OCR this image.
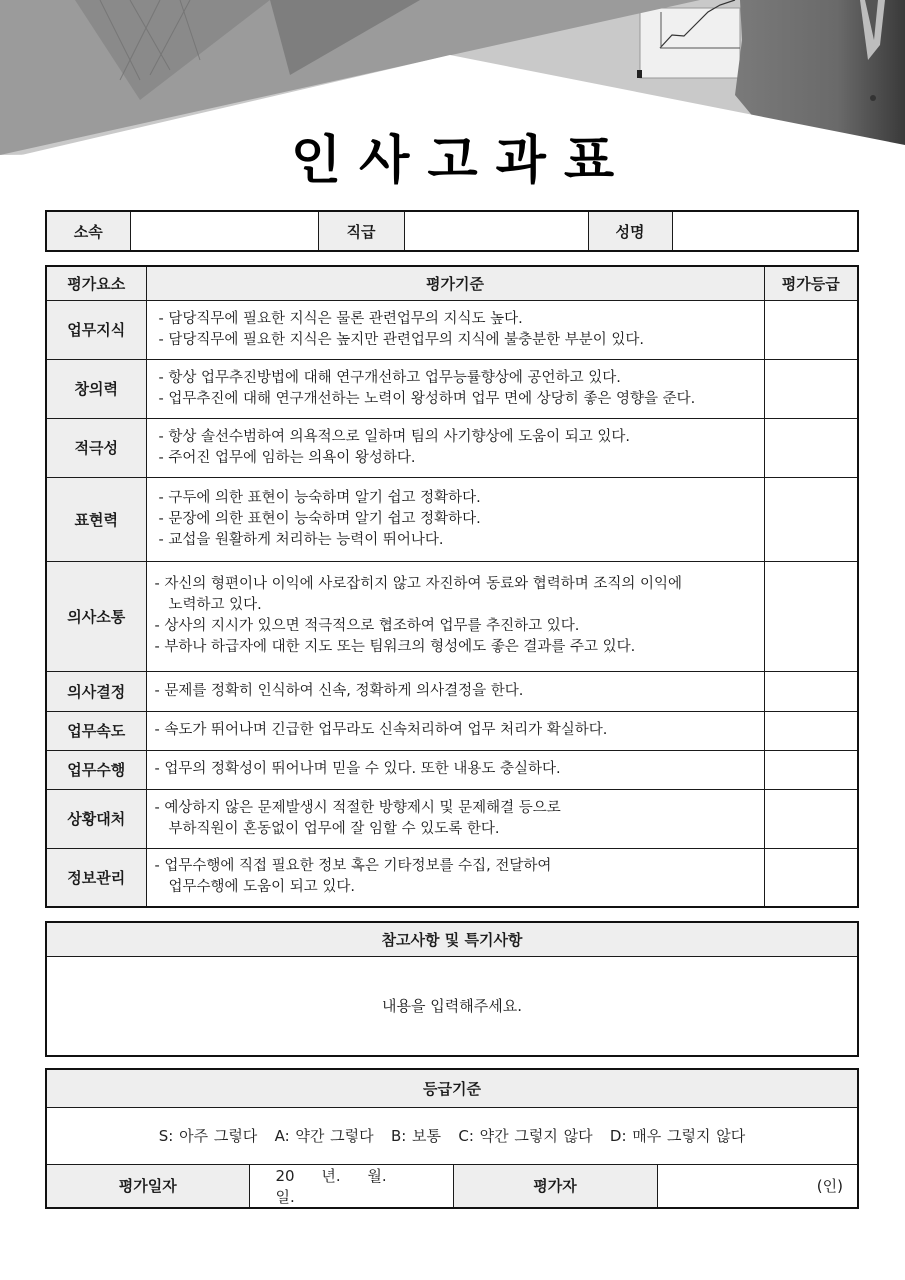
인사고과표
소속		직급		성명	
평가요소	평가기준	평가등급
업무지식	- 담당직무에 필요한 지식은 물론 관련업무의 지식도 높다.
- 담당직무에 필요한 지식은 높지만 관련업무의 지식에 불충분한 부분이 있다.	

창의력	- 항상 업무추진방법에 대해 연구개선하고 업무능률향상에 공언하고 있다.
- 업무추진에 대해 연구개선하는 노력이 왕성하며 업무 면에 상당히 좋은 영향을 준다.	

적극성	- 항상 솔선수범하여 의욕적으로 일하며 팀의 사기향상에 도움이 되고 있다.
- 주어진 업무에 임하는 의욕이 왕성하다.	

표현력	- 구두에 의한 표현이 능숙하며 알기 쉽고 정확하다.
- 문장에 의한 표현이 능숙하며 알기 쉽고 정확하다.
- 교섭을 원활하게 처리하는 능력이 뛰어나다.	

의사소통	- 자신의 형편이나 이익에 사로잡히지 않고 자진하여 동료와 협력하며 조직의 이익에
노력하고 있다.
- 상사의 지시가 있으면 적극적으로 협조하여 업무를 추진하고 있다.
- 부하나 하급자에 대한 지도 또는 팀워크의 형성에도 좋은 결과를 주고 있다.	

의사결정	- 문제를 정확히 인식하여 신속, 정확하게 의사결정을 한다.	

업무속도	- 속도가 뛰어나며 긴급한 업무라도 신속처리하여 업무 처리가 확실하다.	

업무수행	- 업무의 정확성이 뛰어나며 믿을 수 있다. 또한 내용도 충실하다.	

상황대처	- 예상하지 않은 문제발생시 적절한 방향제시 및 문제해결 등으로
부하직원이 혼동없이 업무에 잘 임할 수 있도록 한다.	

정보관리	- 업무수행에 직접 필요한 정보 혹은 기타정보를 수집, 전달하여
업무수행에 도움이 되고 있다.	

참고사항 및 특기사항
내용을 입력해주세요.
등급기준
S: 아주 그렇다   A: 약간 그렇다   B: 보통   C: 약간 그렇지 않다   D: 매우 그렇지 않다
평가일자	20 년. 월. 일.	평가자	(인)
